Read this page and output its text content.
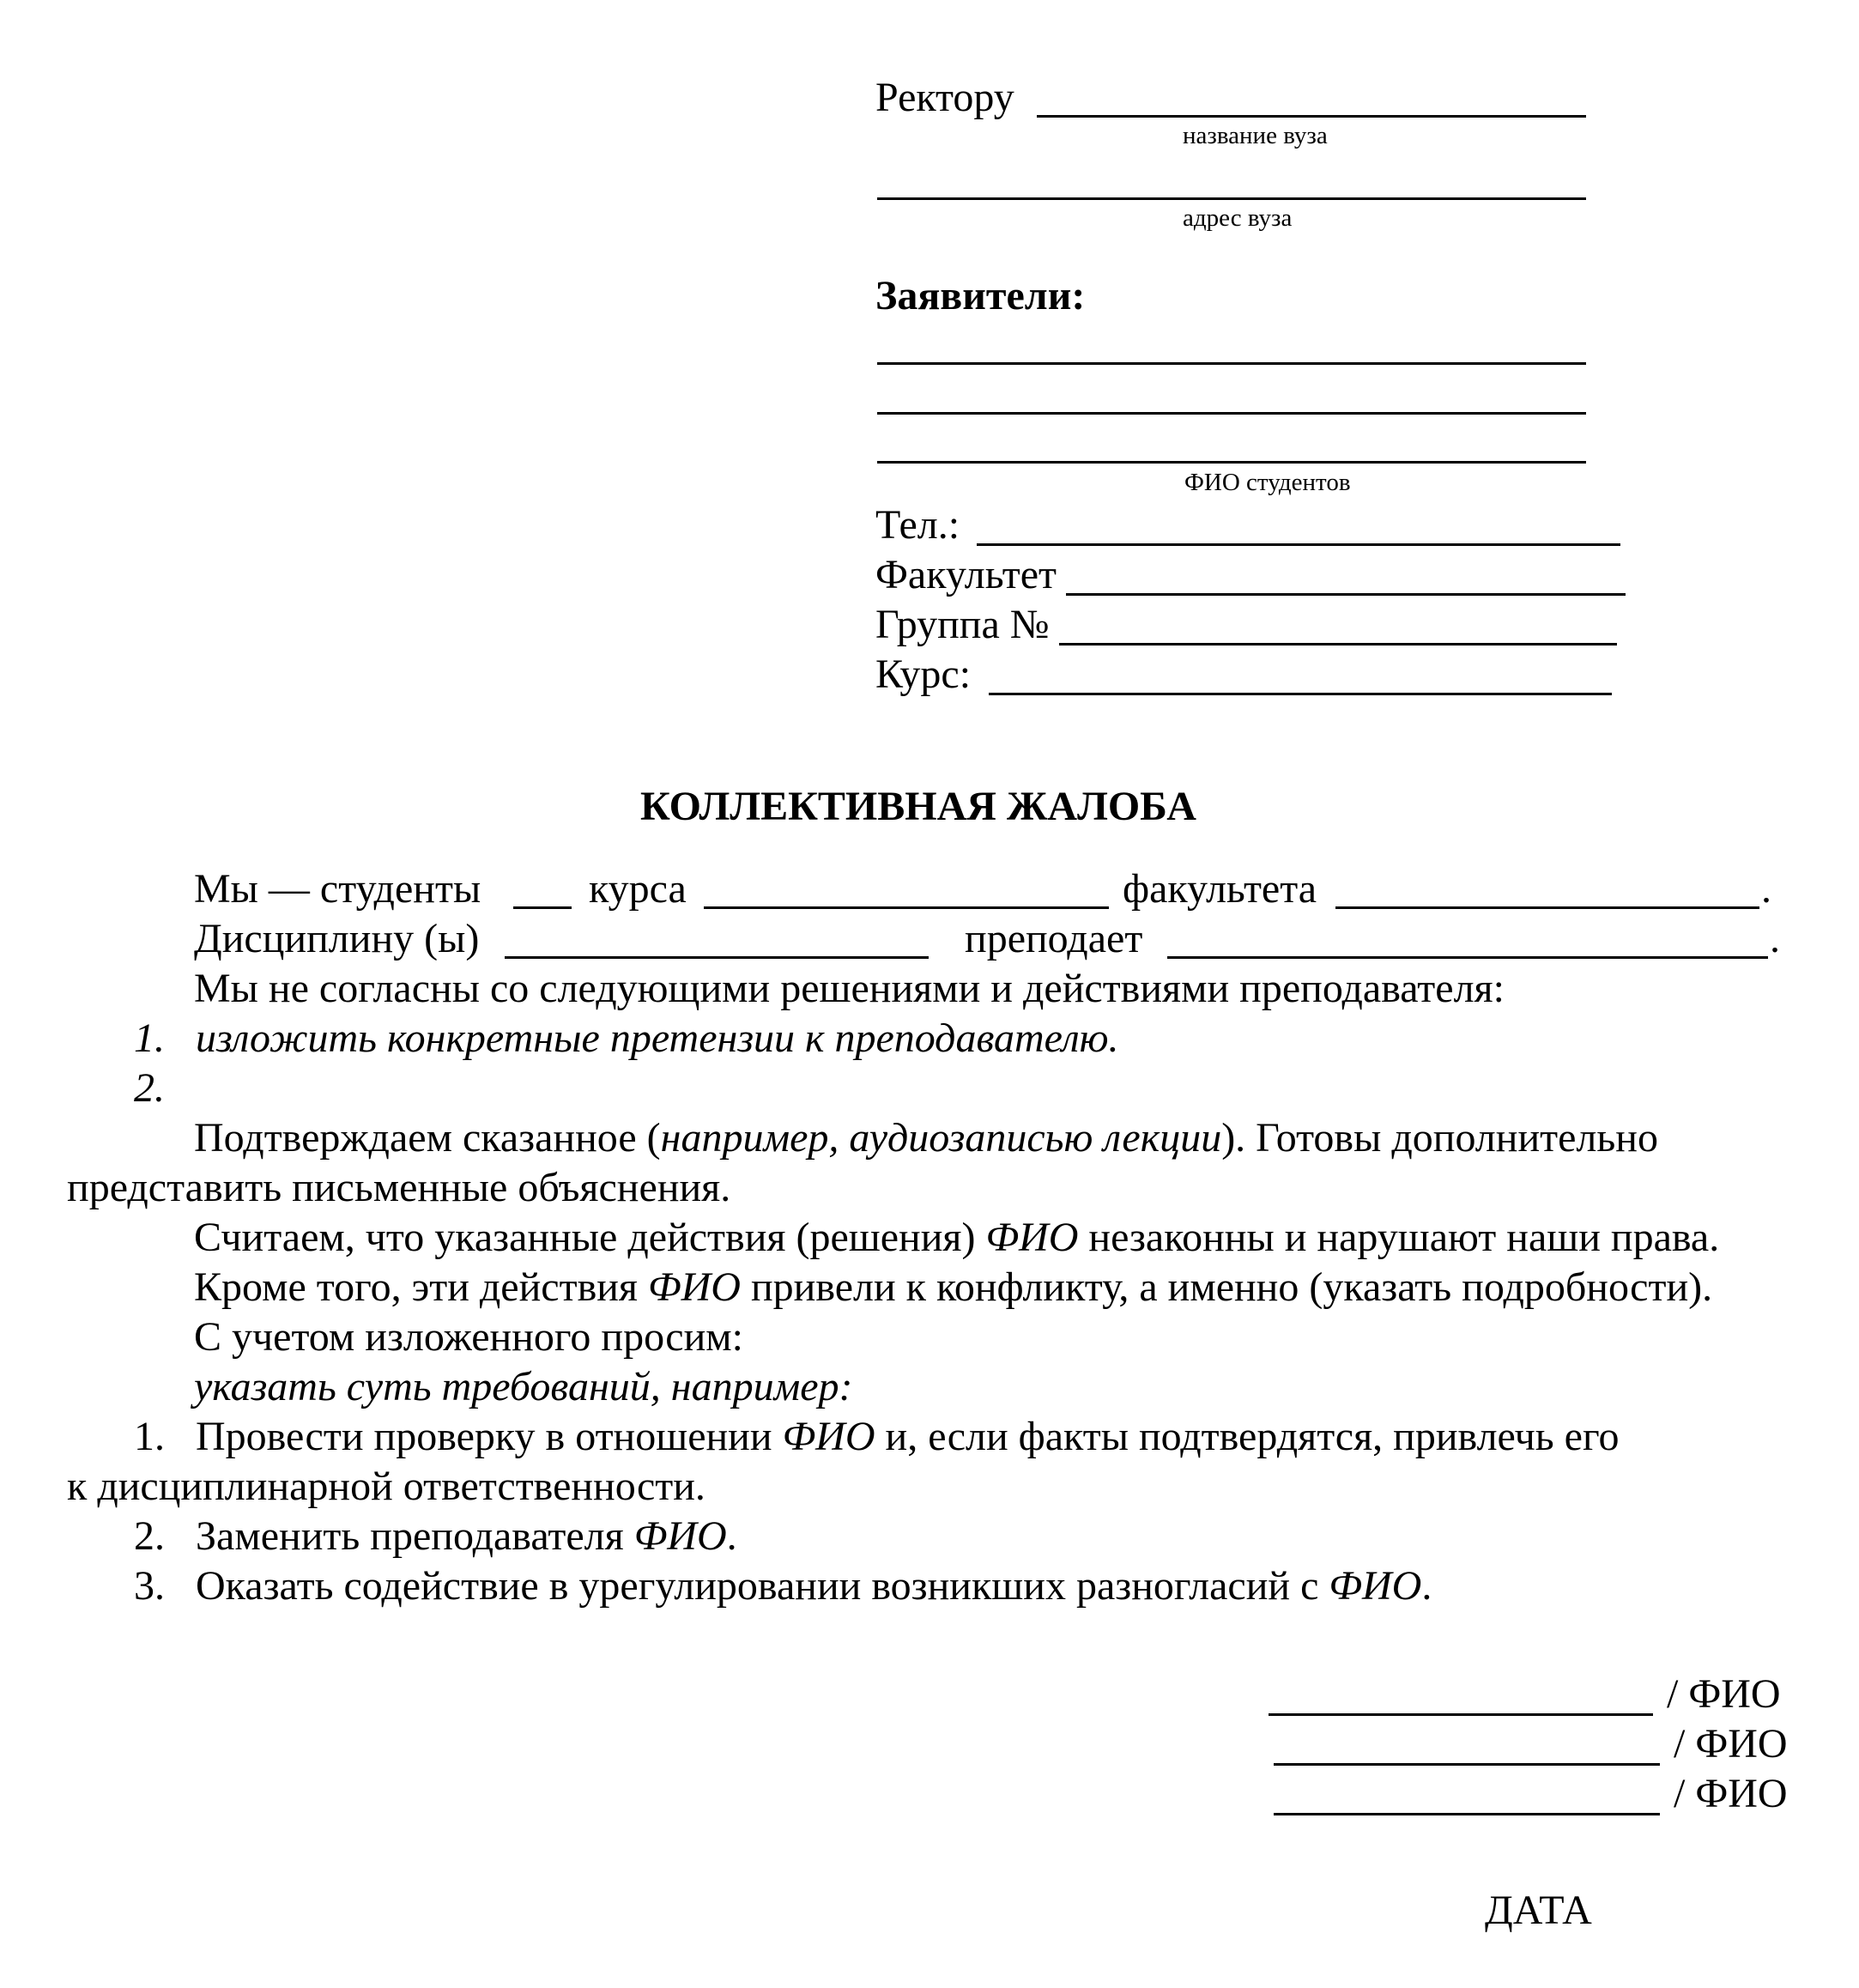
Ректору
название вуза
адрес вуза
Заявители:
ФИО студентов
Тел.:
Факультет
Группа №
Курс:
КОЛЛЕКТИВНАЯ ЖАЛОБА
Мы — студенты	курса	факультета	.
Дисциплину (ы)	преподает	.
Мы не согласны со следующими решениями и действиями преподавателя:
1. изложить конкретные претензии к преподавателю.
2.
Подтверждаем сказанное (например, аудиозаписью лекции). Готовы дополнительно
представить письменные объяснения.
Считаем, что указанные действия (решения) ФИО незаконны и нарушают наши права.
Кроме того, эти действия ФИО привели к конфликту, а именно (указать подробности).
С учетом изложенного просим:
указать суть требований, например:
1. Провести проверку в отношении ФИО и, если факты подтвердятся, привлечь его
к дисциплинарной ответственности.
2. Заменить преподавателя ФИО.
3. Оказать содействие в урегулировании возникших разногласий с ФИО.
/ ФИО
/ ФИО
/ ФИО
ДАТА
